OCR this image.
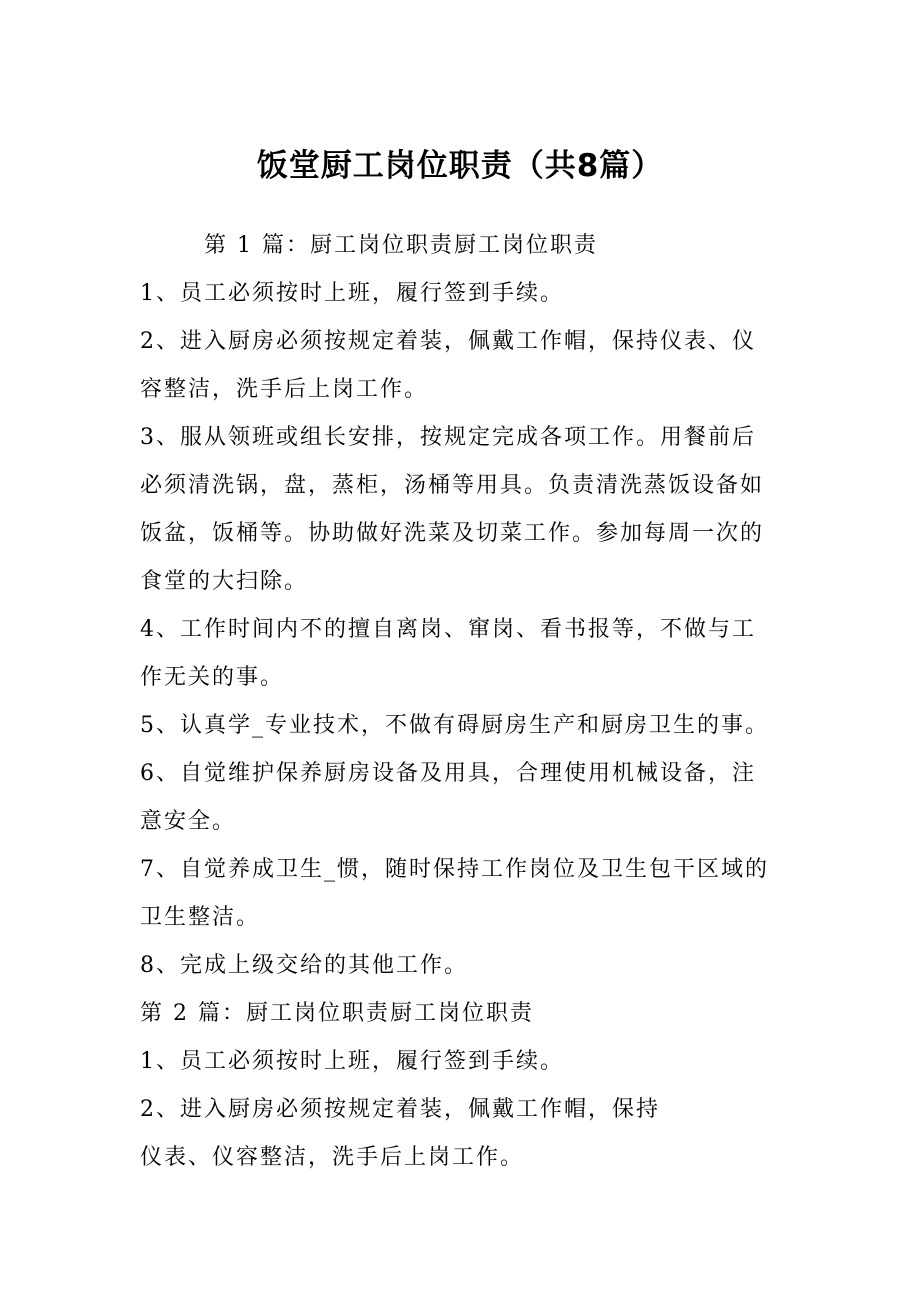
饭堂厨工岗位职责（共8篇）
第 1 篇：厨工岗位职责厨工岗位职责
1、员工必须按时上班，履行签到手续。
2、进入厨房必须按规定着装，佩戴工作帽，保持仪表、仪
容整洁，洗手后上岗工作。
3、服从领班或组长安排，按规定完成各项工作。用餐前后
必须清洗锅，盘，蒸柜，汤桶等用具。负责清洗蒸饭设备如
饭盆，饭桶等。协助做好洗菜及切菜工作。参加每周一次的
食堂的大扫除。
4、工作时间内不的擅自离岗、窜岗、看书报等，不做与工
作无关的事。
5、认真学_专业技术，不做有碍厨房生产和厨房卫生的事。
6、自觉维护保养厨房设备及用具，合理使用机械设备，注
意安全。
7、自觉养成卫生_惯，随时保持工作岗位及卫生包干区域的
卫生整洁。
8、完成上级交给的其他工作。
第 2 篇：厨工岗位职责厨工岗位职责
1、员工必须按时上班，履行签到手续。
2、进入厨房必须按规定着装，佩戴工作帽，保持
仪表、仪容整洁，洗手后上岗工作。
